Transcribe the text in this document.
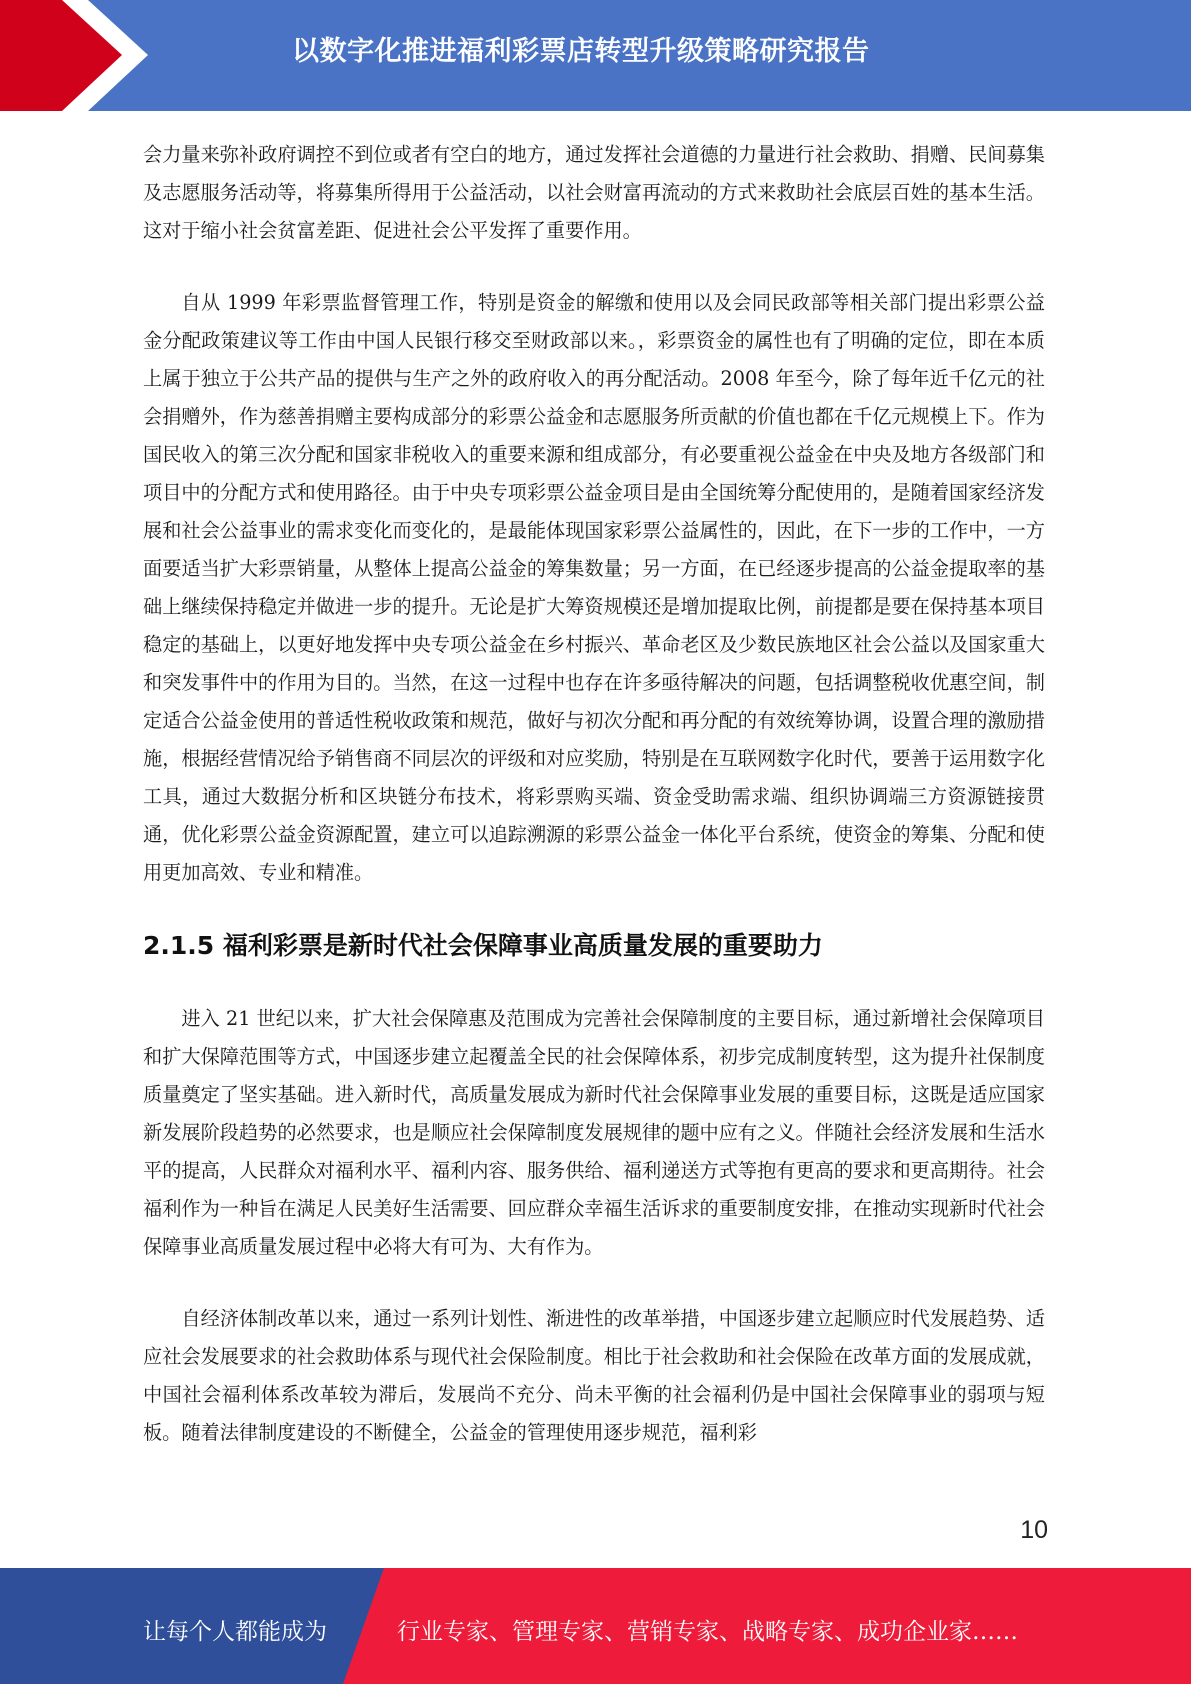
以数字化推进福利彩票店转型升级策略研究报告

会力量来弥补政府调控不到位或者有空白的地方，通过发挥社会道德的力量进行社会救助、捐赠、民间募集及志愿服务活动等，将募集所得用于公益活动，以社会财富再流动的方式来救助社会底层百姓的基本生活。这对于缩小社会贫富差距、促进社会公平发挥了重要作用。

自从 1999 年彩票监督管理工作，特别是资金的解缴和使用以及会同民政部等相关部门提出彩票公益金分配政策建议等工作由中国人民银行移交至财政部以来。，彩票资金的属性也有了明确的定位，即在本质上属于独立于公共产品的提供与生产之外的政府收入的再分配活动。2008 年至今，除了每年近千亿元的社会捐赠外，作为慈善捐赠主要构成部分的彩票公益金和志愿服务所贡献的价值也都在千亿元规模上下。作为国民收入的第三次分配和国家非税收入的重要来源和组成部分，有必要重视公益金在中央及地方各级部门和项目中的分配方式和使用路径。由于中央专项彩票公益金项目是由全国统筹分配使用的，是随着国家经济发展和社会公益事业的需求变化而变化的，是最能体现国家彩票公益属性的，因此，在下一步的工作中，一方面要适当扩大彩票销量，从整体上提高公益金的筹集数量；另一方面，在已经逐步提高的公益金提取率的基础上继续保持稳定并做进一步的提升。无论是扩大筹资规模还是增加提取比例，前提都是要在保持基本项目稳定的基础上，以更好地发挥中央专项公益金在乡村振兴、革命老区及少数民族地区社会公益以及国家重大和突发事件中的作用为目的。当然，在这一过程中也存在许多亟待解决的问题，包括调整税收优惠空间，制定适合公益金使用的普适性税收政策和规范，做好与初次分配和再分配的有效统筹协调，设置合理的激励措施，根据经营情况给予销售商不同层次的评级和对应奖励，特别是在互联网数字化时代，要善于运用数字化工具，通过大数据分析和区块链分布技术，将彩票购买端、资金受助需求端、组织协调端三方资源链接贯通，优化彩票公益金资源配置，建立可以追踪溯源的彩票公益金一体化平台系统，使资金的筹集、分配和使用更加高效、专业和精准。

2.1.5 福利彩票是新时代社会保障事业高质量发展的重要助力

进入 21 世纪以来，扩大社会保障惠及范围成为完善社会保障制度的主要目标，通过新增社会保障项目和扩大保障范围等方式，中国逐步建立起覆盖全民的社会保障体系，初步完成制度转型，这为提升社保制度质量奠定了坚实基础。进入新时代，高质量发展成为新时代社会保障事业发展的重要目标，这既是适应国家新发展阶段趋势的必然要求，也是顺应社会保障制度发展规律的题中应有之义。伴随社会经济发展和生活水平的提高，人民群众对福利水平、福利内容、服务供给、福利递送方式等抱有更高的要求和更高期待。社会福利作为一种旨在满足人民美好生活需要、回应群众幸福生活诉求的重要制度安排，在推动实现新时代社会保障事业高质量发展过程中必将大有可为、大有作为。

自经济体制改革以来，通过一系列计划性、渐进性的改革举措，中国逐步建立起顺应时代发展趋势、适应社会发展要求的社会救助体系与现代社会保险制度。相比于社会救助和社会保险在改革方面的发展成就，中国社会福利体系改革较为滞后，发展尚不充分、尚未平衡的社会福利仍是中国社会保障事业的弱项与短板。随着法律制度建设的不断健全，公益金的管理使用逐步规范，福利彩

10
让每个人都能成为	行业专家、管理专家、营销专家、战略专家、成功企业家……
